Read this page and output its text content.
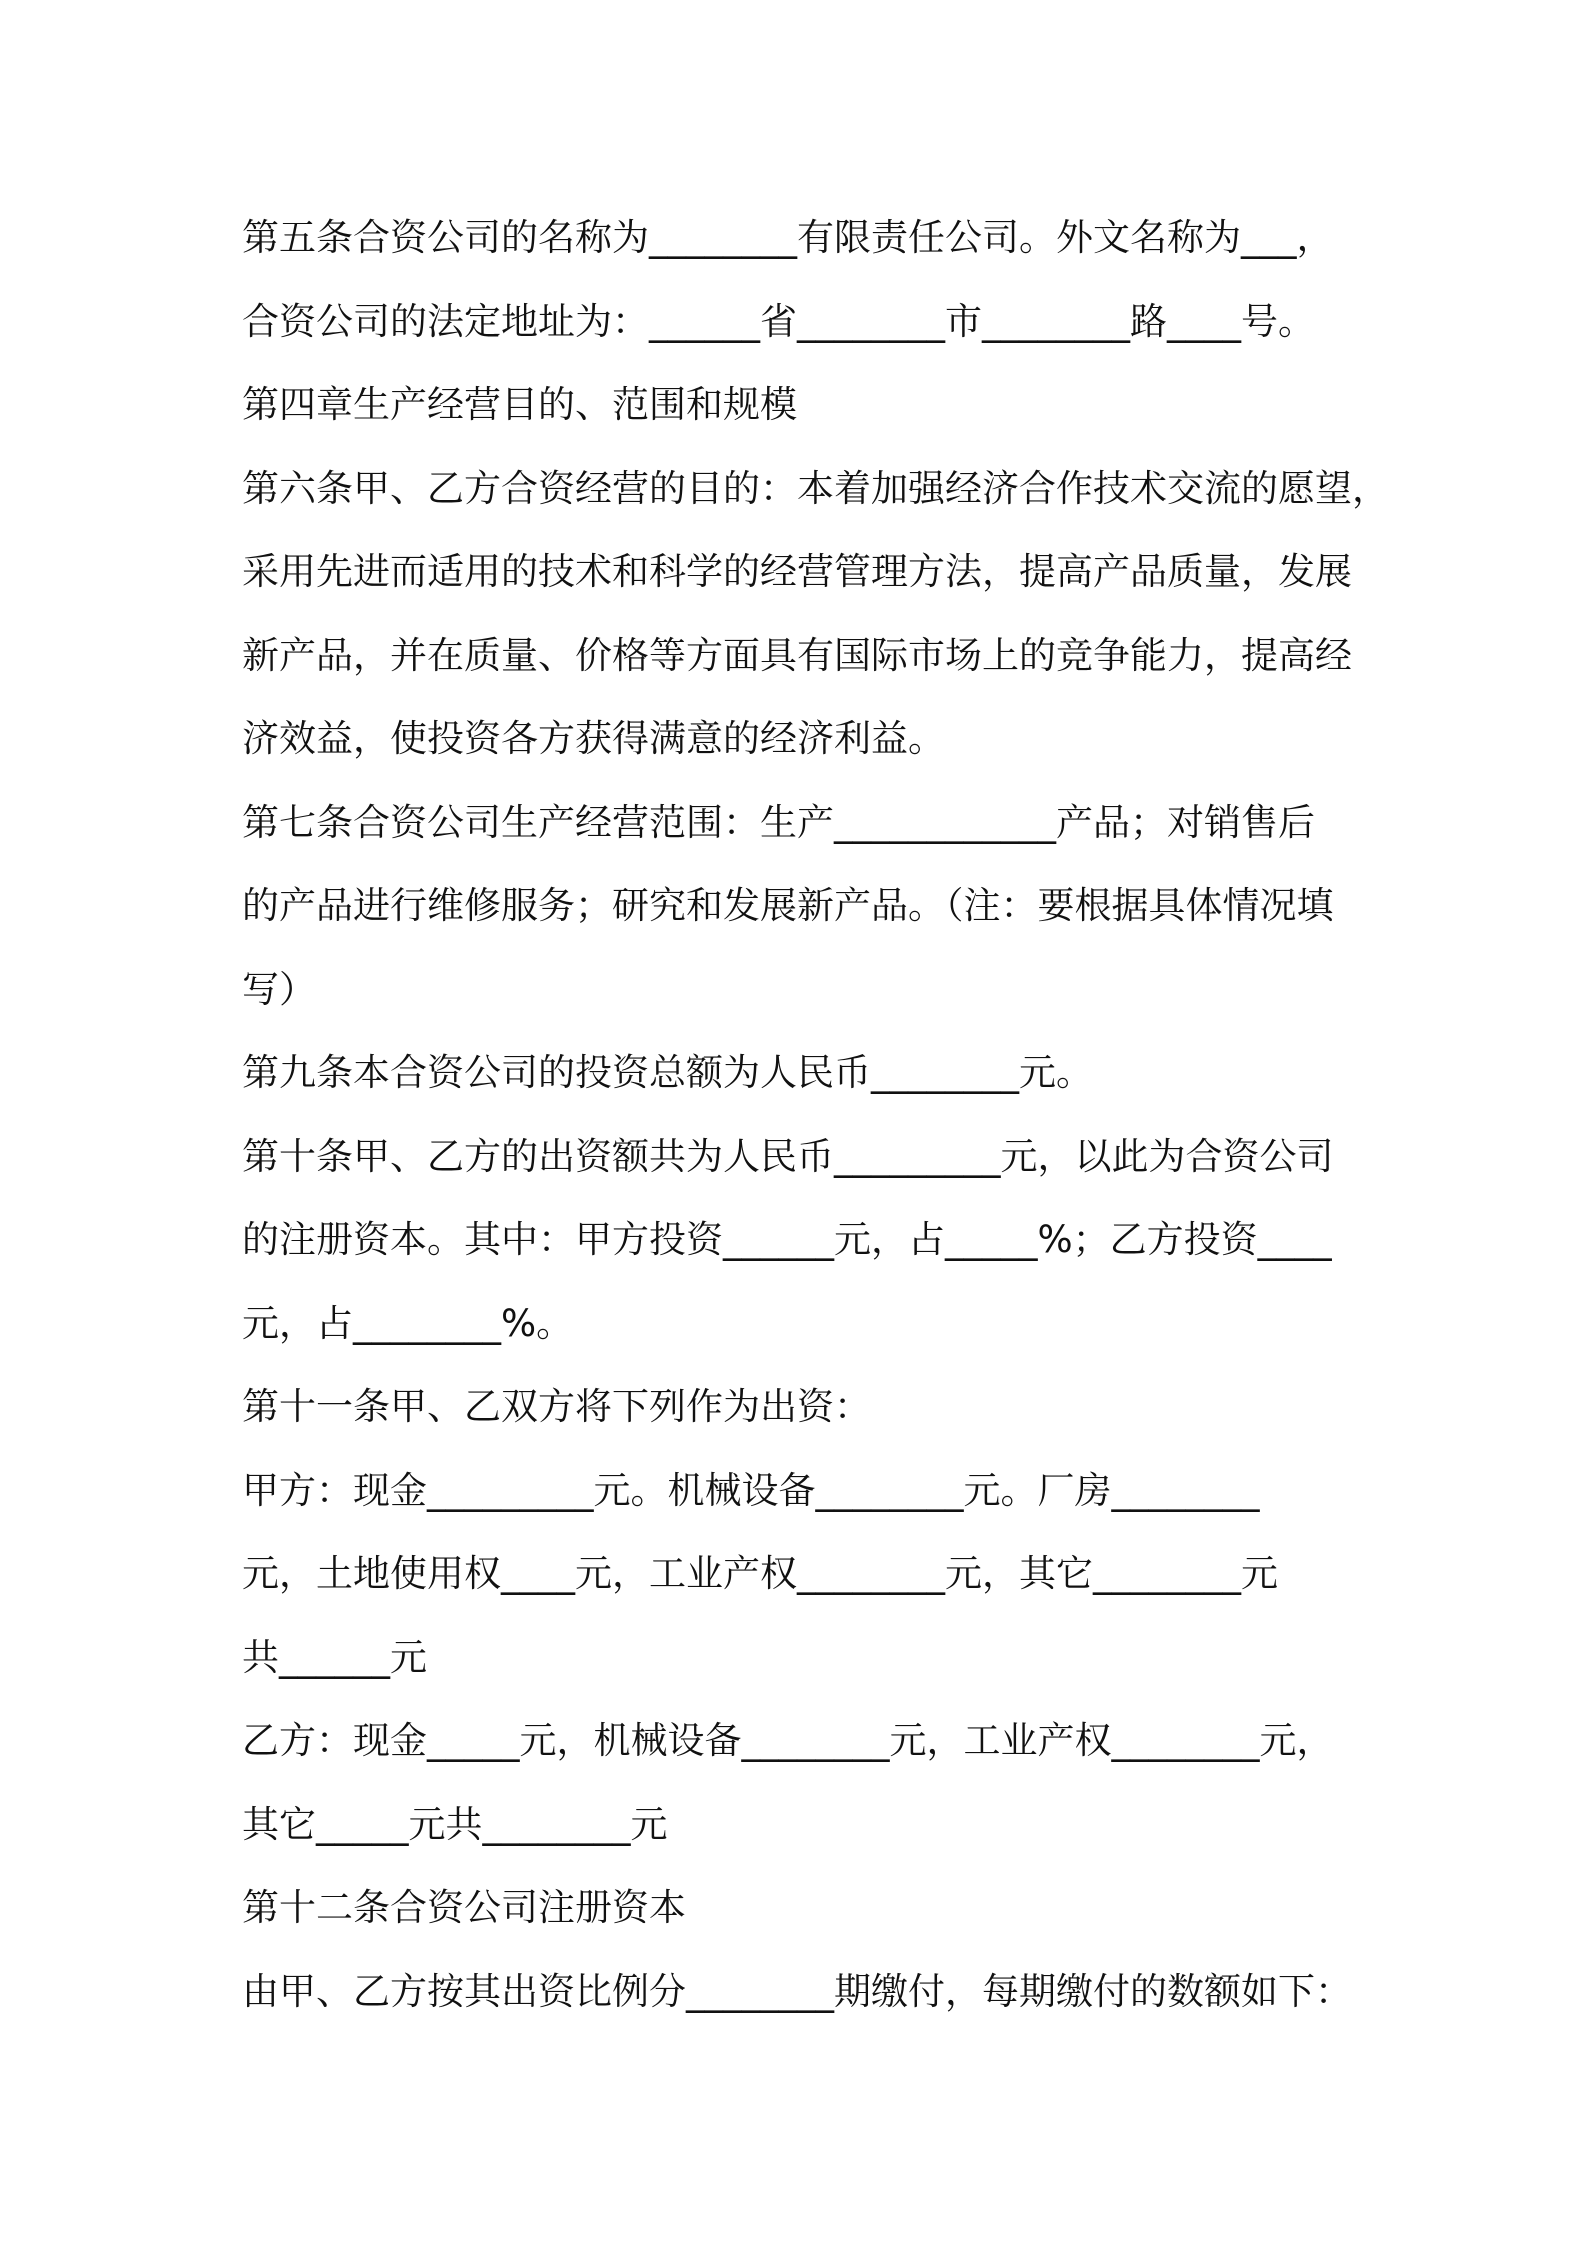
第五条合资公司的名称为________有限责任公司。外文名称为___，
合资公司的法定地址为：______省________市________路____号。
第四章生产经营目的、范围和规模
第六条甲、乙方合资经营的目的：本着加强经济合作技术交流的愿望，
采用先进而适用的技术和科学的经营管理方法，提高产品质量，发展
新产品，并在质量、价格等方面具有国际市场上的竞争能力，提高经
济效益，使投资各方获得满意的经济利益。
第七条合资公司生产经营范围：生产____________产品；对销售后
的产品进行维修服务；研究和发展新产品。（注：要根据具体情况填
写）
第九条本合资公司的投资总额为人民币________元。
第十条甲、乙方的出资额共为人民币_________元，以此为合资公司
的注册资本。其中：甲方投资______元，占_____%；乙方投资____
元，占________%。
第十一条甲、乙双方将下列作为出资：
甲方：现金_________元。机械设备________元。厂房________
元，土地使用权____元，工业产权________元，其它________元
共______元
乙方：现金_____元，机械设备________元，工业产权________元，
其它_____元共________元
第十二条合资公司注册资本
由甲、乙方按其出资比例分________期缴付，每期缴付的数额如下：
